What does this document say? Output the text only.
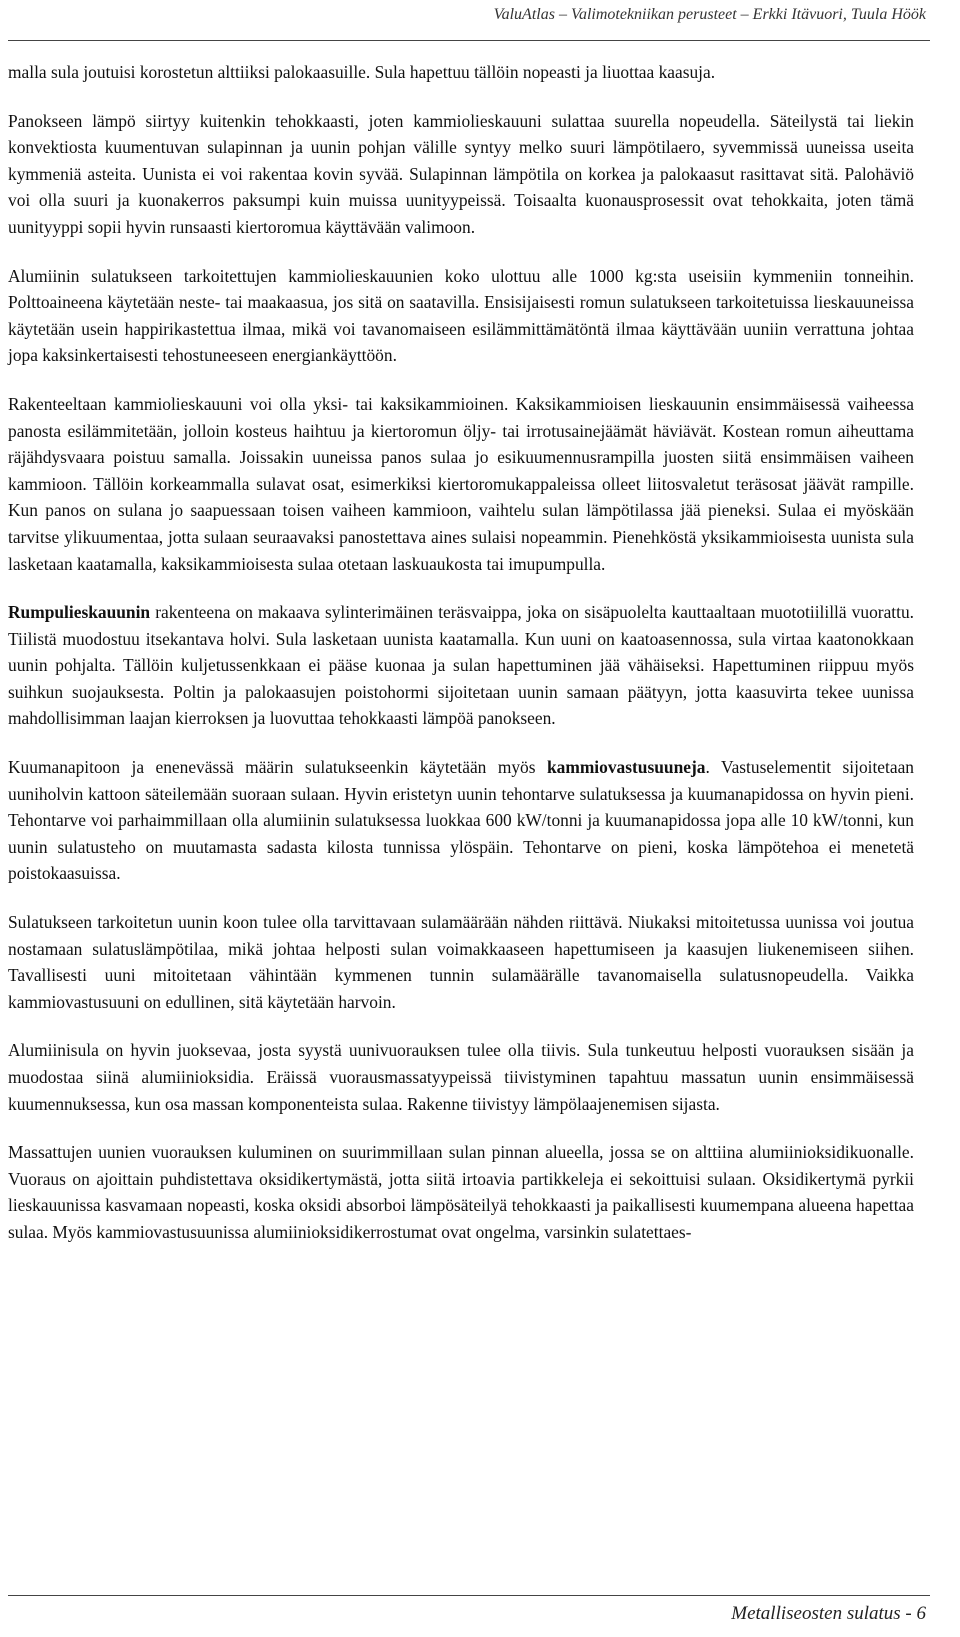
ValuAtlas – Valimotekniikan perusteet – Erkki Itävuori, Tuula Höök

malla sula joutuisi korostetun alttiiksi palokaasuille. Sula hapettuu tällöin nopeasti ja liuottaa kaasuja.

Panokseen lämpö siirtyy kuitenkin tehokkaasti, joten kammiolieskauuni sulattaa suurella nopeudella. Säteilystä tai liekin konvektiosta kuumentuvan sulapinnan ja uunin pohjan välille syntyy melko suuri lämpötilaero, syvemmissä uuneissa useita kymmeniä asteita. Uunista ei voi rakentaa kovin syvää. Sulapinnan lämpötila on korkea ja palokaasut rasittavat sitä. Palohäviö voi olla suuri ja kuonakerros paksumpi kuin muissa uunityypeissä. Toisaalta kuonausprosessit ovat tehokkaita, joten tämä uunityyppi sopii hyvin runsaasti kiertoromua käyttävään valimoon.

Alumiinin sulatukseen tarkoitettujen kammiolieskauunien koko ulottuu alle 1000 kg:sta useisiin kymmeniin tonneihin. Polttoaineena käytetään neste- tai maakaasua, jos sitä on saatavilla. Ensisijaisesti romun sulatukseen tarkoitetuissa lieskauuneissa käytetään usein happirikastettua ilmaa, mikä voi tavanomaiseen esilämmittämätöntä ilmaa käyttävään uuniin verrattuna johtaa jopa kaksinkertaisesti tehostuneeseen energiankäyttöön.

Rakenteeltaan kammiolieskauuni voi olla yksi- tai kaksikammioinen. Kaksikammioisen lieskauunin ensimmäisessä vaiheessa panosta esilämmitetään, jolloin kosteus haihtuu ja kiertoromun öljy- tai irrotusainejäämät häviävät. Kostean romun aiheuttama räjähdysvaara poistuu samalla. Joissakin uuneissa panos sulaa jo esikuumennusrampilla juosten siitä ensimmäisen vaiheen kammioon. Tällöin korkeammalla sulavat osat, esimerkiksi kiertoromukappaleissa olleet liitosvaletut teräsosat jäävät rampille. Kun panos on sulana jo saapuessaan toisen vaiheen kammioon, vaihtelu sulan lämpötilassa jää pieneksi. Sulaa ei myöskään tarvitse ylikuumentaa, jotta sulaan seuraavaksi panostettava aines sulaisi nopeammin. Pienehköstä yksikammioisesta uunista sula lasketaan kaatamalla, kaksikammioisesta sulaa otetaan laskuaukosta tai imupumpulla.

Rumpulieskauunin rakenteena on makaava sylinterimäinen teräsvaippa, joka on sisäpuolelta kauttaaltaan muototiilillä vuorattu. Tiilistä muodostuu itsekantava holvi. Sula lasketaan uunista kaatamalla. Kun uuni on kaatoasennossa, sula virtaa kaatonokkaan uunin pohjalta. Tällöin kuljetussenkkaan ei pääse kuonaa ja sulan hapettuminen jää vähäiseksi. Hapettuminen riippuu myös suihkun suojauksesta. Poltin ja palokaasujen poistohormi sijoitetaan uunin samaan päätyyn, jotta kaasuvirta tekee uunissa mahdollisimman laajan kierroksen ja luovuttaa tehokkaasti lämpöä panokseen.

Kuumanapitoon ja enenevässä määrin sulatukseenkin käytetään myös kammiovastusuuneja. Vastuselementit sijoitetaan uuniholvin kattoon säteilemään suoraan sulaan. Hyvin eristetyn uunin tehontarve sulatuksessa ja kuumanapidossa on hyvin pieni. Tehontarve voi parhaimmillaan olla alumiinin sulatuksessa luokkaa 600 kW/tonni ja kuumanapidossa jopa alle 10 kW/tonni, kun uunin sulatusteho on muutamasta sadasta kilosta tunnissa ylöspäin. Tehontarve on pieni, koska lämpötehoa ei menetetä poistokaasuissa.

Sulatukseen tarkoitetun uunin koon tulee olla tarvittavaan sulamäärään nähden riittävä. Niukaksi mitoitetussa uunissa voi joutua nostamaan sulatuslämpötilaa, mikä johtaa helposti sulan voimakkaaseen hapettumiseen ja kaasujen liukenemiseen siihen. Tavallisesti uuni mitoitetaan vähintään kymmenen tunnin sulamäärälle tavanomaisella sulatusnopeudella. Vaikka kammiovastusuuni on edullinen, sitä käytetään harvoin.

Alumiinisula on hyvin juoksevaa, josta syystä uunivuorauksen tulee olla tiivis. Sula tunkeutuu helposti vuorauksen sisään ja muodostaa siinä alumiinioksidia. Eräissä vuorausmassatyypeissä tiivistyminen tapahtuu massatun uunin ensimmäisessä kuumennuksessa, kun osa massan komponenteista sulaa. Rakenne tiivistyy lämpölaajenemisen sijasta.

Massattujen uunien vuorauksen kuluminen on suurimmillaan sulan pinnan alueella, jossa se on alttiina alumiinioksidikuonalle. Vuoraus on ajoittain puhdistettava oksidikertymästä, jotta siitä irtoavia partikkeleja ei sekoittuisi sulaan. Oksidikertymä pyrkii lieskauunissa kasvamaan nopeasti, koska oksidi absorboi lämpösäteilyä tehokkaasti ja paikallisesti kuumempana alueena hapettaa sulaa. Myös kammiovastusuunissa alumiinioksidikerrostumat ovat ongelma, varsinkin sulatettaes-

Metalliseosten sulatus - 6
